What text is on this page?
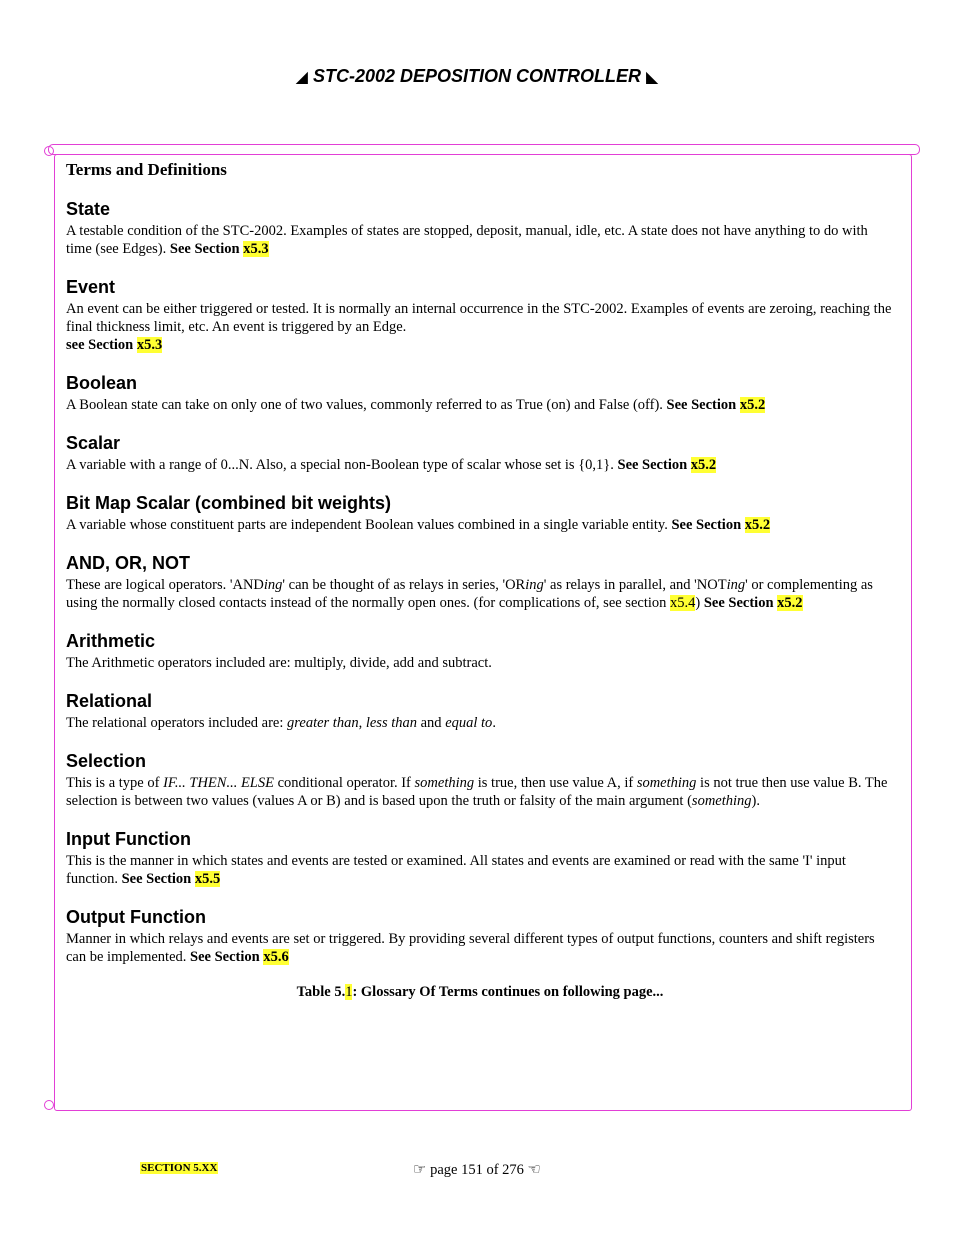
◢ STC-2002 DEPOSITION CONTROLLER ◣
Terms and Definitions
State

A testable condition of the STC-2002. Examples of states are stopped, deposit, manual, idle, etc. A state does not have anything to do with time (see Edges). See Section x5.3

Event

An event can be either triggered or tested. It is normally an internal occurrence in the STC-2002. Examples of events are zeroing, reaching the final thickness limit, etc. An event is triggered by an Edge.
see Section x5.3

Boolean

A Boolean state can take on only one of two values, commonly referred to as True (on) and False (off). See Section x5.2

Scalar

A variable with a range of 0...N. Also, a special non-Boolean type of scalar whose set is {0,1}. See Section x5.2

Bit Map Scalar (combined bit weights)

A variable whose constituent parts are independent Boolean values combined in a single variable entity. See Section x5.2

AND, OR, NOT

These are logical operators. 'ANDing' can be thought of as relays in series, 'ORing' as relays in parallel, and 'NOTing' or complementing as using the normally closed contacts instead of the normally open ones. (for complications of, see section x5.4) See Section x5.2

Arithmetic

The Arithmetic operators included are: multiply, divide, add and subtract.

Relational

The relational operators included are: greater than, less than and equal to.

Selection

This is a type of IF... THEN... ELSE conditional operator. If something is true, then use value A, if something is not true then use value B. The selection is between two values (values A or B) and is based upon the truth or falsity of the main argument (something).

Input Function

This is the manner in which states and events are tested or examined. All states and events are examined or read with the same 'I' input function. See Section x5.5

Output Function

Manner in which relays and events are set or triggered. By providing several different types of output functions, counters and shift registers can be implemented. See Section x5.6

Table 5.1: Glossary Of Terms continues on following page...
SECTION 5.XX	☞ page 151 of 276 ☜
